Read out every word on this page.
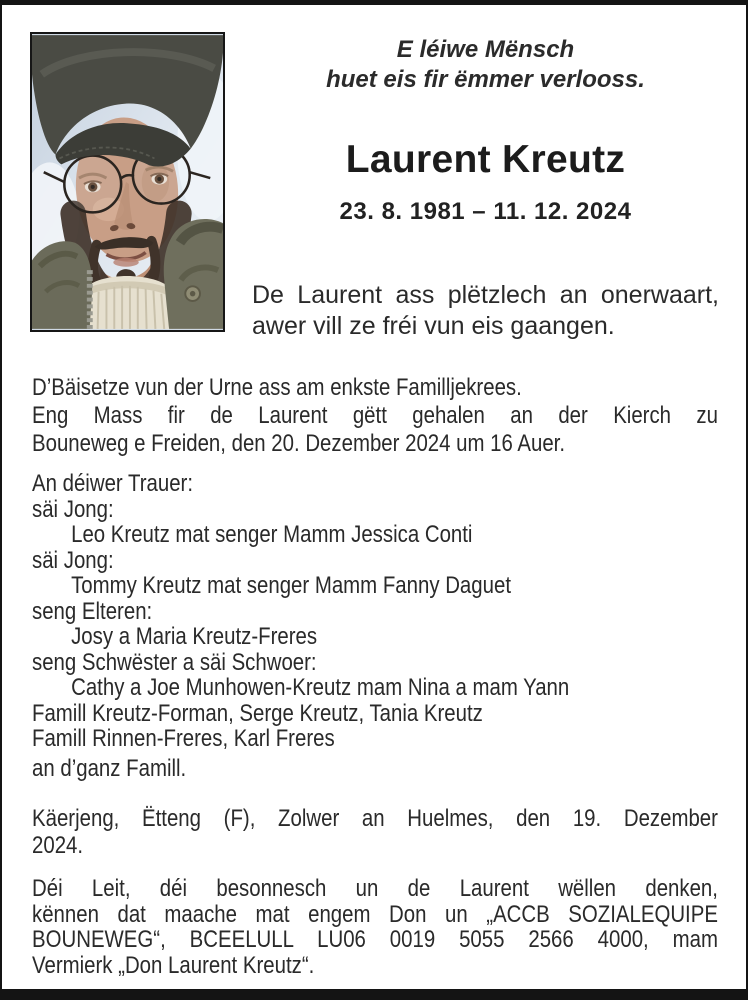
E léiwe Mënsch
huet eis fir ëmmer verlooss.
Laurent Kreutz
23. 8. 1981 – 11. 12. 2024
De Laurent ass plëtzlech an onerwaart,
awer vill ze fréi vun eis gaangen.
D’Bäisetze vun der Urne ass am enkste Familljekrees.
Eng Mass fir de Laurent gëtt gehalen an der Kierch zu
Bouneweg e Freiden, den 20. Dezember 2024 um 16 Auer.
An déiwer Trauer:
säi Jong:
Leo Kreutz mat senger Mamm Jessica Conti
säi Jong:
Tommy Kreutz mat senger Mamm Fanny Daguet
seng Elteren:
Josy a Maria Kreutz-Freres
seng Schwëster a säi Schwoer:
Cathy a Joe Munhowen-Kreutz mam Nina a mam Yann
Famill Kreutz-Forman, Serge Kreutz, Tania Kreutz
Famill Rinnen-Freres, Karl Freres
an d’ganz Famill.
Käerjeng, Ëtteng (F), Zolwer an Huelmes, den 19. Dezember
2024.
Déi Leit, déi besonnesch un de Laurent wëllen denken,
kënnen dat maache mat engem Don un „ACCB SOZIALEQUIPE
BOUNEWEG“, BCEELULL LU06 0019 5055 2566 4000, mam
Vermierk „Don Laurent Kreutz“.
